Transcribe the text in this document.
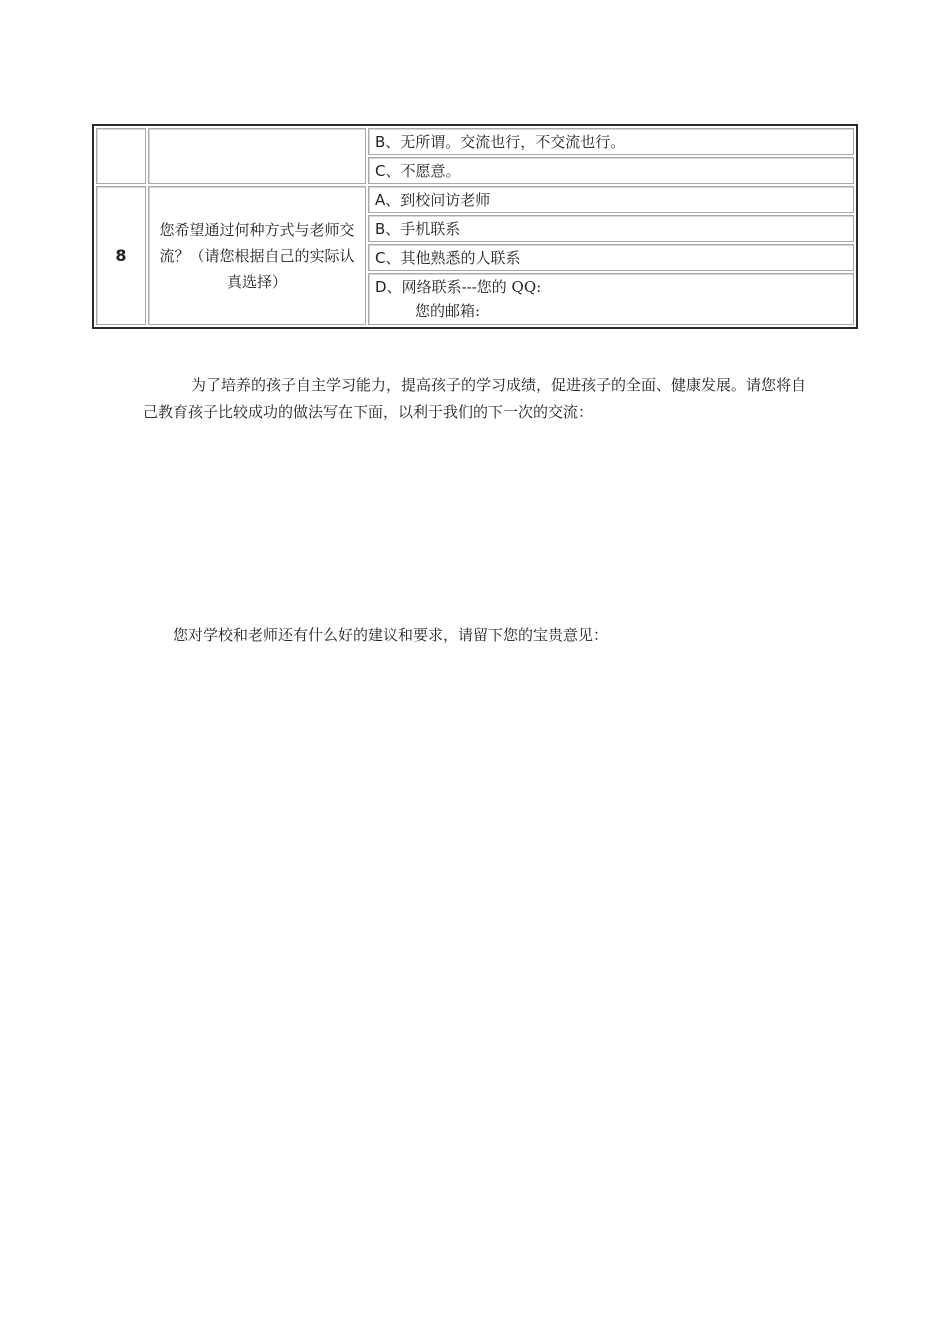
		B、无所谓。交流也行，不交流也行。
		C、不愿意。
8	您希望通过何种方式与老师交流？（请您根据自己的实际认真选择）	A、到校问访老师
		B、手机联系
		C、其他熟悉的人联系
		D、网络联系---您的 QQ:
您的邮箱:

为了培养的孩子自主学习能力，提高孩子的学习成绩，促进孩子的全面、健康发展。请您将自己教育孩子比较成功的做法写在下面，以利于我们的下一次的交流：

您对学校和老师还有什么好的建议和要求，请留下您的宝贵意见：
